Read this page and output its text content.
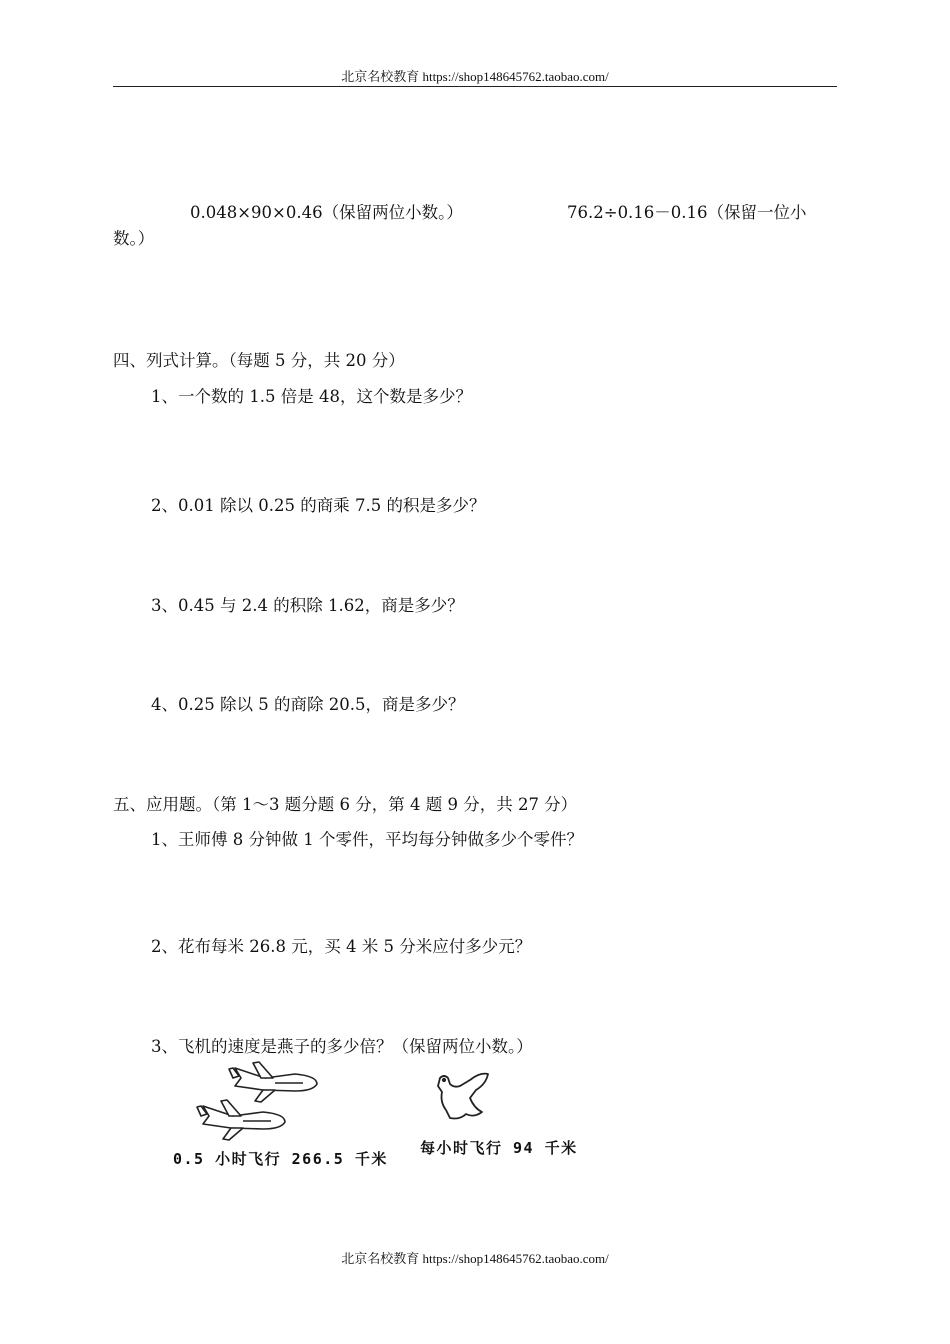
北京名校教育 https://shop148645762.taobao.com/
0.048×90×0.46（保留两位小数。）	76.2÷0.16－0.16（保留一位小
数。）
四、列式计算。（每题 5 分，共 20 分）
1、一个数的 1.5 倍是 48，这个数是多少？
2、0.01 除以 0.25 的商乘 7.5 的积是多少？
3、0.45 与 2.4 的积除 1.62，商是多少？
4、0.25 除以 5 的商除 20.5，商是多少？
五、应用题。（第 1～3 题分题 6 分，第 4 题 9 分，共 27 分）
1、王师傅 8 分钟做 1 个零件，平均每分钟做多少个零件？
2、花布每米 26.8 元，买 4 米 5 分米应付多少元？
3、飞机的速度是燕子的多少倍？（保留两位小数。）
0.5 小时飞行 266.5 千米
每小时飞行 94 千米
北京名校教育 https://shop148645762.taobao.com/
